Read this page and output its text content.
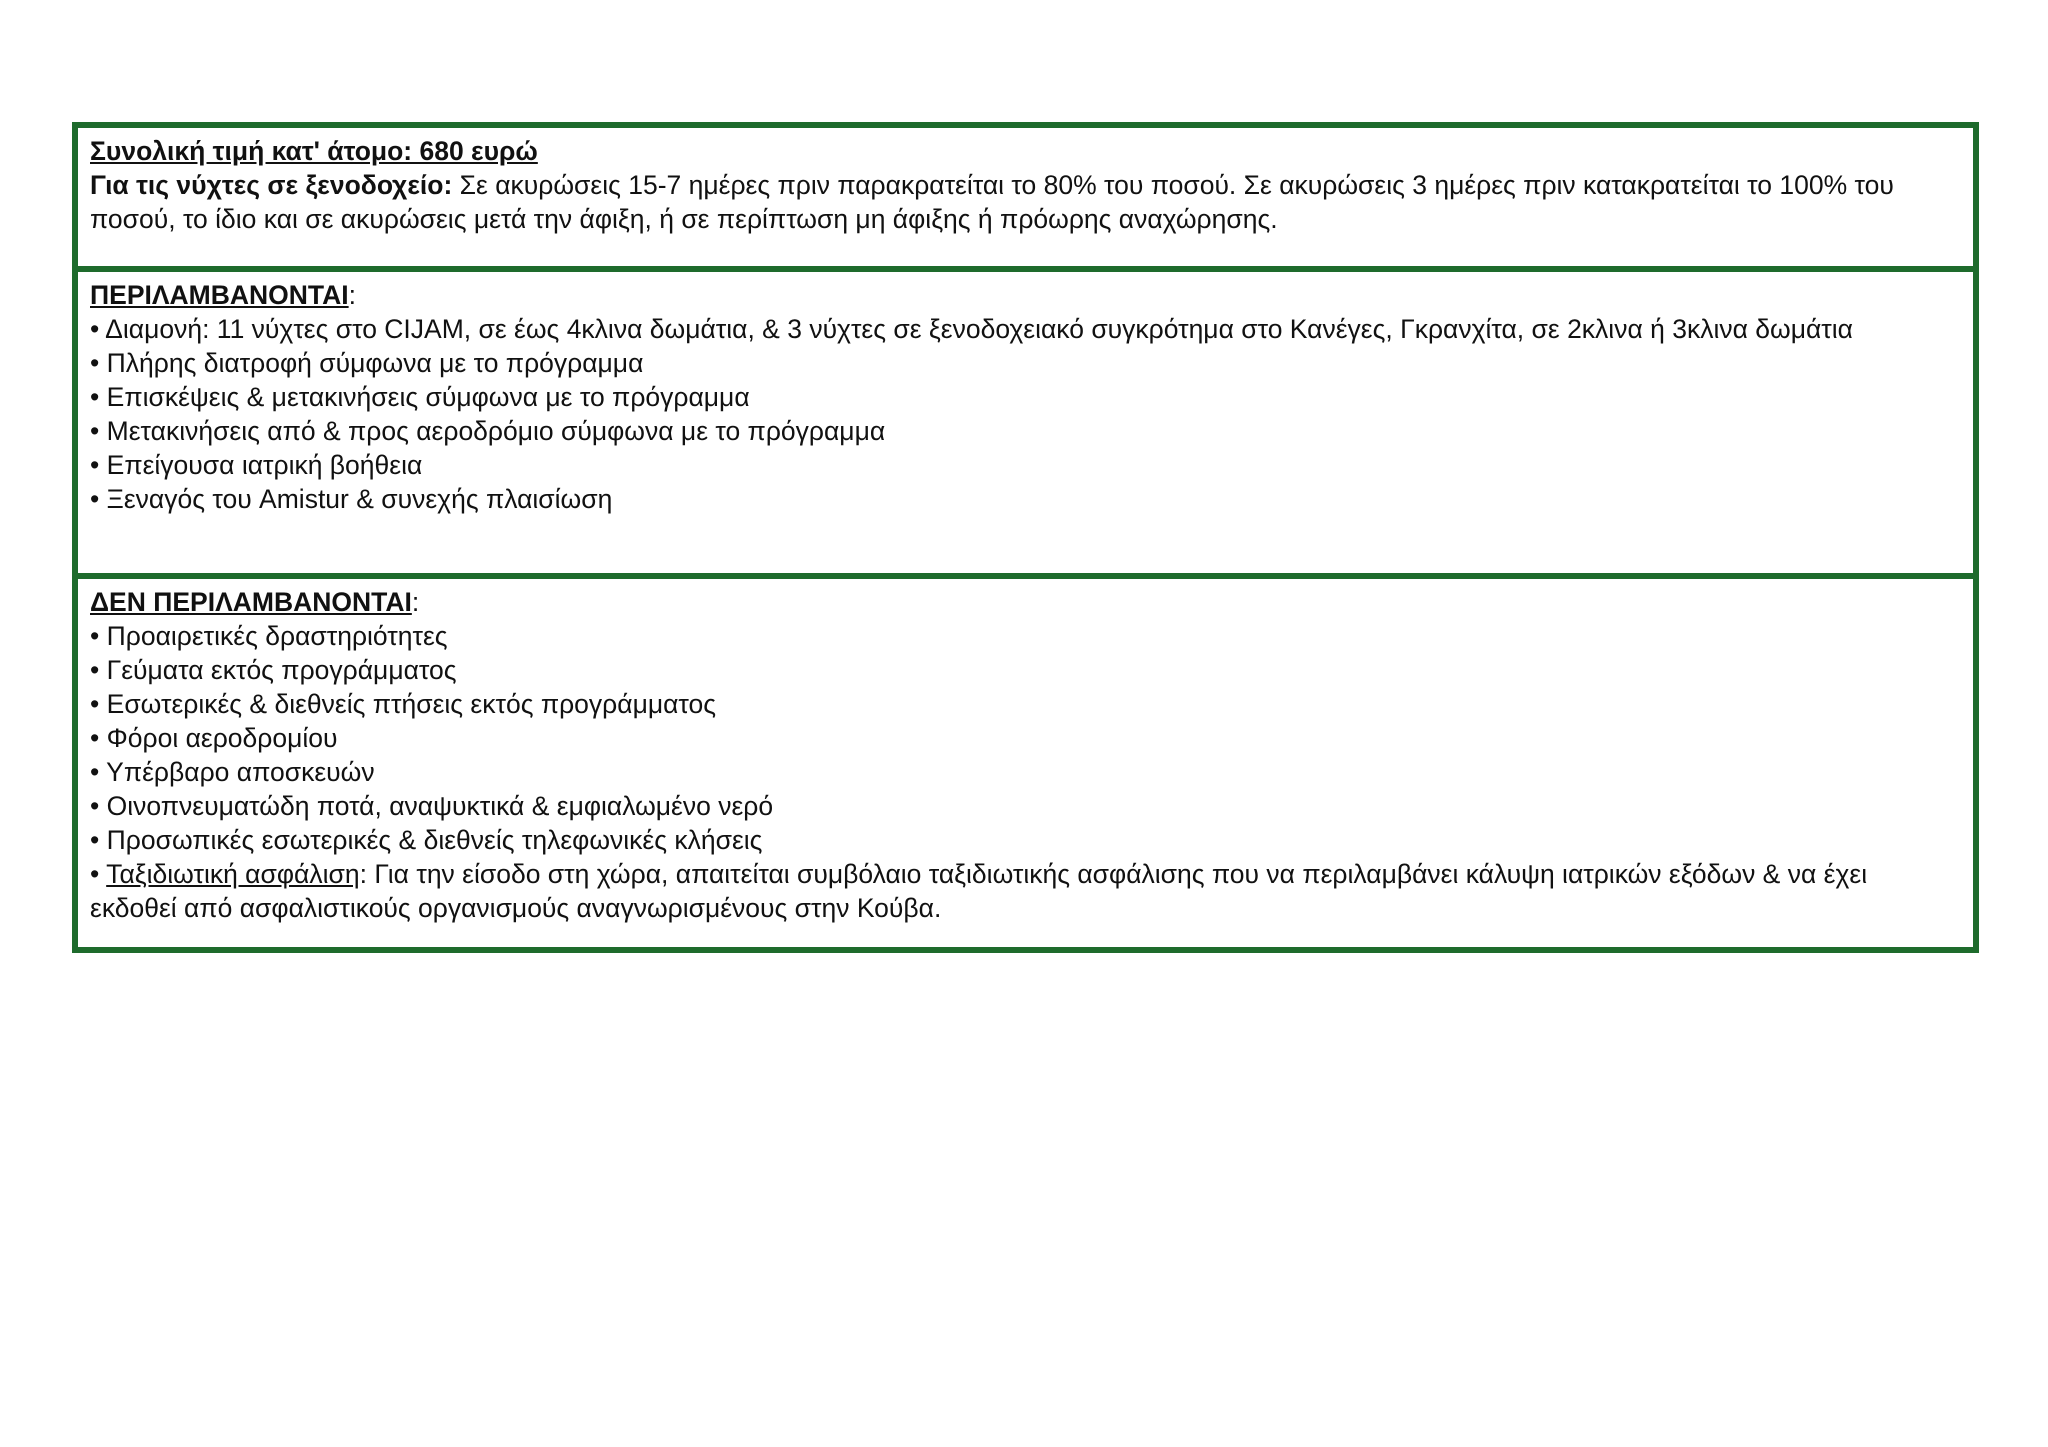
Συνολική τιμή κατ' άτομο: 680 ευρώ
Για τις νύχτες σε ξενοδοχείο: Σε ακυρώσεις 15-7 ημέρες πριν παρακρατείται το 80% του ποσού. Σε ακυρώσεις 3 ημέρες πριν κατακρατείται το 100% του ποσού, το ίδιο και σε ακυρώσεις μετά την άφιξη, ή σε περίπτωση μη άφιξης ή πρόωρης αναχώρησης.
ΠΕΡΙΛΑΜΒΑΝΟΝΤΑΙ:
• Διαμονή: 11 νύχτες στο CIJAM, σε έως 4κλινα δωμάτια, & 3 νύχτες σε ξενοδοχειακό συγκρότημα στο Κανέγες, Γκρανχίτα, σε 2κλινα ή 3κλινα δωμάτια
• Πλήρης διατροφή σύμφωνα με το πρόγραμμα
• Επισκέψεις & μετακινήσεις σύμφωνα με το πρόγραμμα
• Μετακινήσεις από & προς αεροδρόμιο σύμφωνα με το πρόγραμμα
• Επείγουσα ιατρική βοήθεια
• Ξεναγός του Amistur & συνεχής πλαισίωση
ΔΕΝ ΠΕΡΙΛΑΜΒΑΝΟΝΤΑΙ:
• Προαιρετικές δραστηριότητες
• Γεύματα εκτός προγράμματος
• Εσωτερικές & διεθνείς πτήσεις εκτός προγράμματος
• Φόροι αεροδρομίου
• Υπέρβαρο αποσκευών
• Οινοπνευματώδη ποτά, αναψυκτικά & εμφιαλωμένο νερό
• Προσωπικές εσωτερικές & διεθνείς τηλεφωνικές κλήσεις
• Ταξιδιωτική ασφάλιση: Για την είσοδο στη χώρα, απαιτείται συμβόλαιο ταξιδιωτικής ασφάλισης που να περιλαμβάνει κάλυψη ιατρικών εξόδων & να έχει εκδοθεί από ασφαλιστικούς οργανισμούς αναγνωρισμένους στην Κούβα.
